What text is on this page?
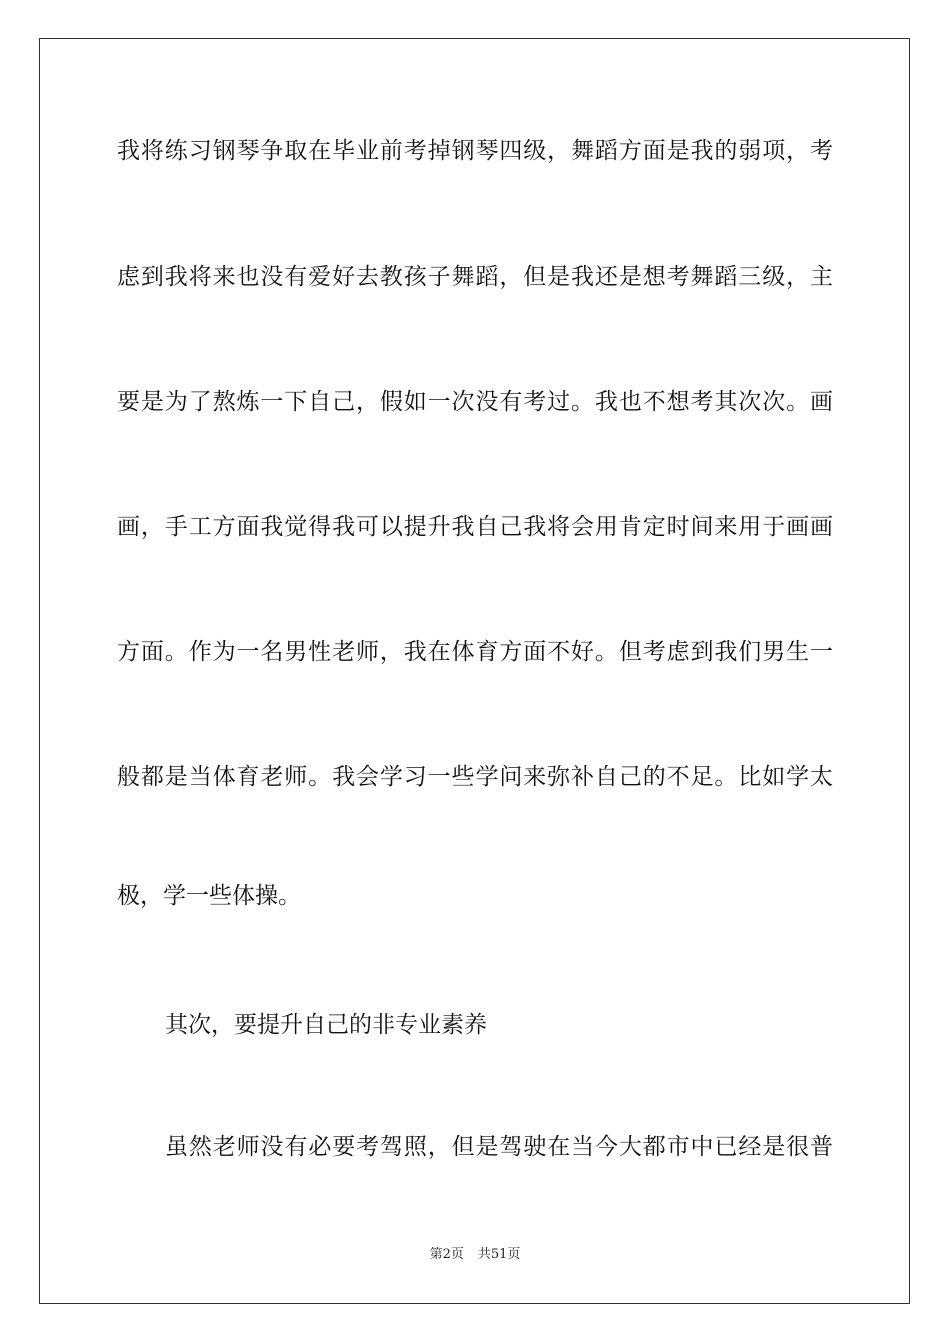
我将练习钢琴争取在毕业前考掉钢琴四级，舞蹈方面是我的弱项，考
虑到我将来也没有爱好去教孩子舞蹈，但是我还是想考舞蹈三级，主
要是为了熬炼一下自己，假如一次没有考过。我也不想考其次次。画
画，手工方面我觉得我可以提升我自己我将会用肯定时间来用于画画
方面。作为一名男性老师，我在体育方面不好。但考虑到我们男生一
般都是当体育老师。我会学习一些学问来弥补自己的不足。比如学太
极，学一些体操。
其次，要提升自己的非专业素养
虽然老师没有必要考驾照，但是驾驶在当今大都市中已经是很普
第2页 共51页
